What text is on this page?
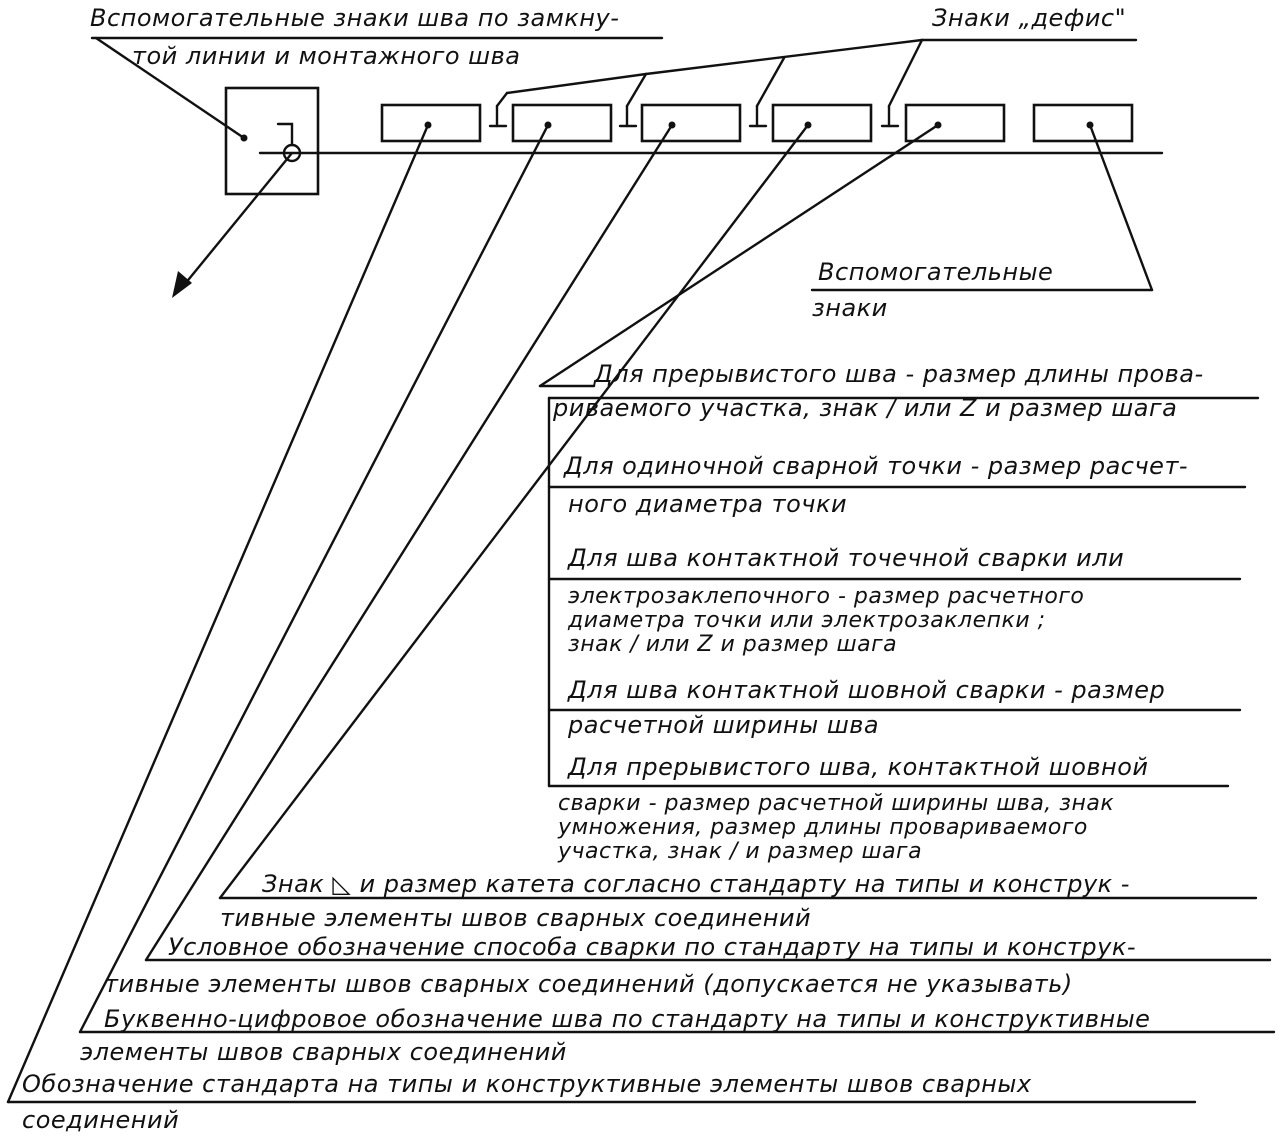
Вспомогательные знаки шва по замкну-
той линии и монтажного шва
Знаки „дефис"
Вспомогательные
знаки
Для прерывистого шва - размер длины прова-
риваемого участка, знак / или Z и размер шага
Для одиночной сварной точки - размер расчет-
ного диаметра точки
Для шва контактной точечной сварки или
электрозаклепочного - размер расчетного
диаметра точки или электрозаклепки ;
знак / или Z и размер шага
Для шва контактной шовной сварки - размер
расчетной ширины шва
Для прерывистого шва, контактной шовной
сварки - размер расчетной ширины шва, знак
умножения, размер длины провариваемого
участка, знак / и размер шага
Знак ◺ и размер катета согласно стандарту на типы и конструк -
тивные элементы швов сварных соединений
Условное обозначение способа сварки по стандарту на типы и конструк-
тивные элементы швов сварных соединений (допускается не указывать)
Буквенно-цифровое обозначение шва по стандарту на типы и конструктивные
элементы швов сварных соединений
Обозначение стандарта на типы и конструктивные элементы швов сварных
соединений
